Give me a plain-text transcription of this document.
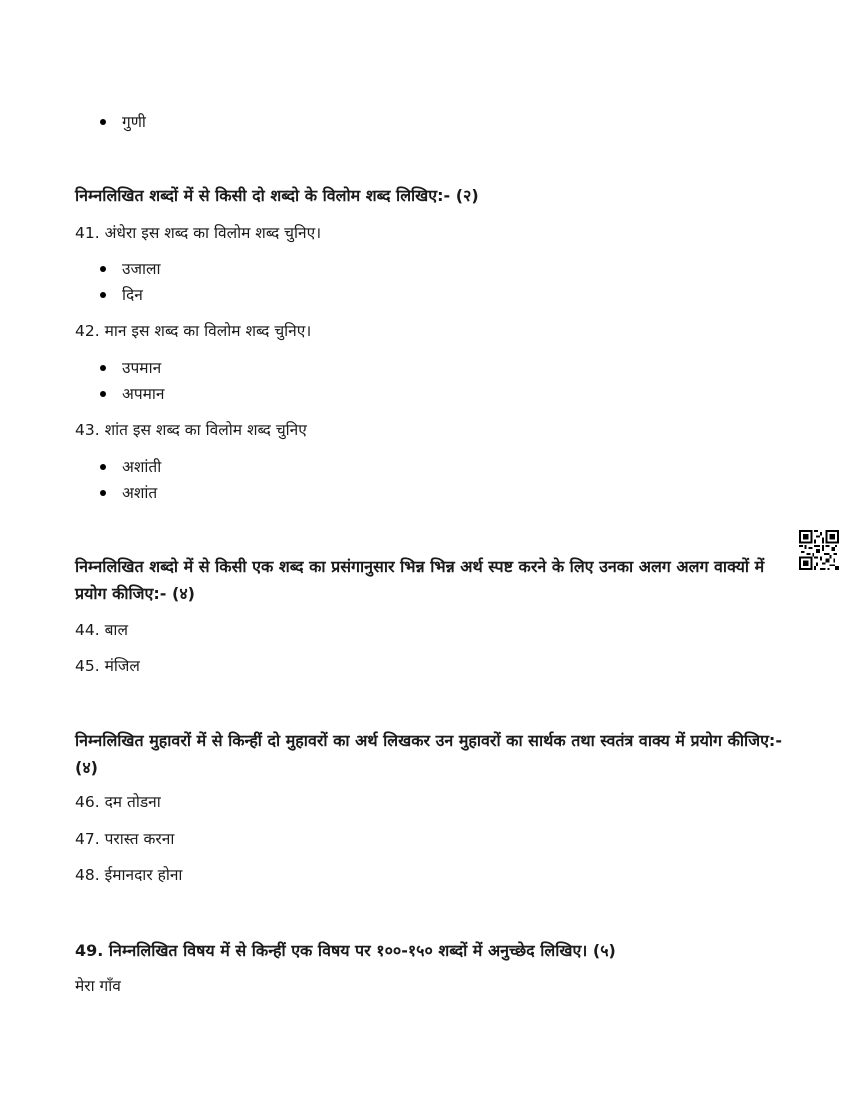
गुणी
निम्नलिखित शब्दों में से किसी दो शब्दो के विलोम शब्द लिखिए:- (२)
41. अंधेरा इस शब्द का विलोम शब्द चुनिए।
उजाला
दिन
42. मान इस शब्द का विलोम शब्द चुनिए।
उपमान
अपमान
43. शांत इस शब्द का विलोम शब्द चुनिए
अशांती
अशांत
निम्नलिखित शब्दो में से किसी एक शब्द का प्रसंगानुसार भिन्न भिन्न अर्थ स्पष्ट करने के लिए उनका अलग अलग वाक्यों में प्रयोग कीजिए:- (४)
44. बाल
45. मंजिल
निम्नलिखित मुहावरों में से किन्हीं दो मुहावरों का अर्थ लिखकर उन मुहावरों का सार्थक तथा स्वतंत्र वाक्य में प्रयोग कीजिए:- (४)
46. दम तोडना
47. परास्त करना
48. ईमानदार होना
49. निम्नलिखित विषय में से किन्हीं एक विषय पर १००-१५० शब्दों में अनुच्छेद लिखिए। (५)
मेरा गाँव
